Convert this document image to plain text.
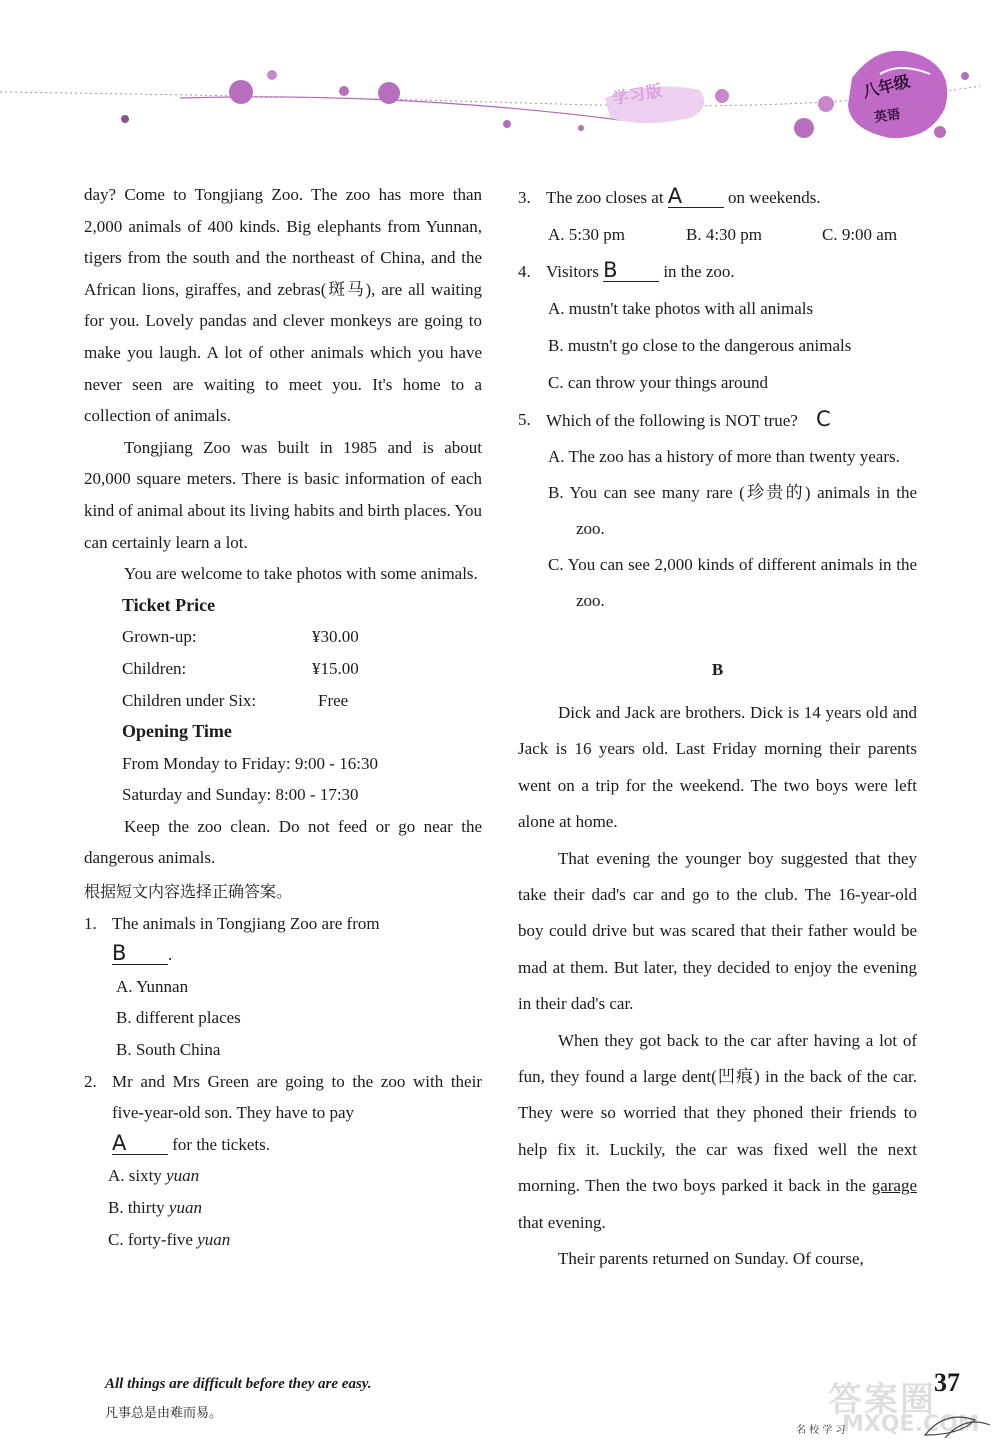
学习版	八年级
英语

day? Come to Tongjiang Zoo. The zoo has more than 2,000 animals of 400 kinds. Big elephants from Yunnan, tigers from the south and the northeast of China, and the African lions, giraffes, and zebras(斑马), are all waiting for you. Lovely pandas and clever monkeys are going to make you laugh. A lot of other animals which you have never seen are waiting to meet you. It's home to a collection of animals.

Tongjiang Zoo was built in 1985 and is about 20,000 square meters. There is basic information of each kind of animal about its living habits and birth places. You can certainly learn a lot.

You are welcome to take photos with some animals.

Ticket Price
Grown-up:	¥30.00
Children:	¥15.00
Children under Six:	Free
Opening Time
From Monday to Friday: 9:00 - 16:30
Saturday and Sunday: 8:00 - 17:30

Keep the zoo clean. Do not feed or go near the dangerous animals.

根据短文内容选择正确答案。
1. The animals in Tongjiang Zoo are from
B .
A. Yunnan
B. different places
B. South China
2. Mr and Mrs Green are going to the zoo with their five-year-old son. They have to pay
A	for the tickets.
A. sixty yuan
B. thirty yuan
C. forty-five yuan
3. The zoo closes at A	on weekends.
A. 5:30 pm	B. 4:30 pm	C. 9:00 am
4. Visitors B	in the zoo.
A. mustn't take photos with all animals
B. mustn't go close to the dangerous animals
C. can throw your things around
5. Which of the following is NOT true? C
A. The zoo has a history of more than twenty years.
B. You can see many rare (珍贵的) animals in the zoo.
C. You can see 2,000 kinds of different animals in the zoo.
B

Dick and Jack are brothers. Dick is 14 years old and Jack is 16 years old. Last Friday morning their parents went on a trip for the weekend. The two boys were left alone at home.

That evening the younger boy suggested that they take their dad's car and go to the club. The 16-year-old boy could drive but was scared that their father would be mad at them. But later, they decided to enjoy the evening in their dad's car.

When they got back to the car after having a lot of fun, they found a large dent(凹痕) in the back of the car. They were so worried that they phoned their friends to help fix it. Luckily, the car was fixed well the next morning. Then the two boys parked it back in the garage that evening.

Their parents returned on Sunday. Of course,

All things are difficult before they are easy.
凡事总是由难而易。	答案圈
MXQE.COM
名 校 学 习
37
